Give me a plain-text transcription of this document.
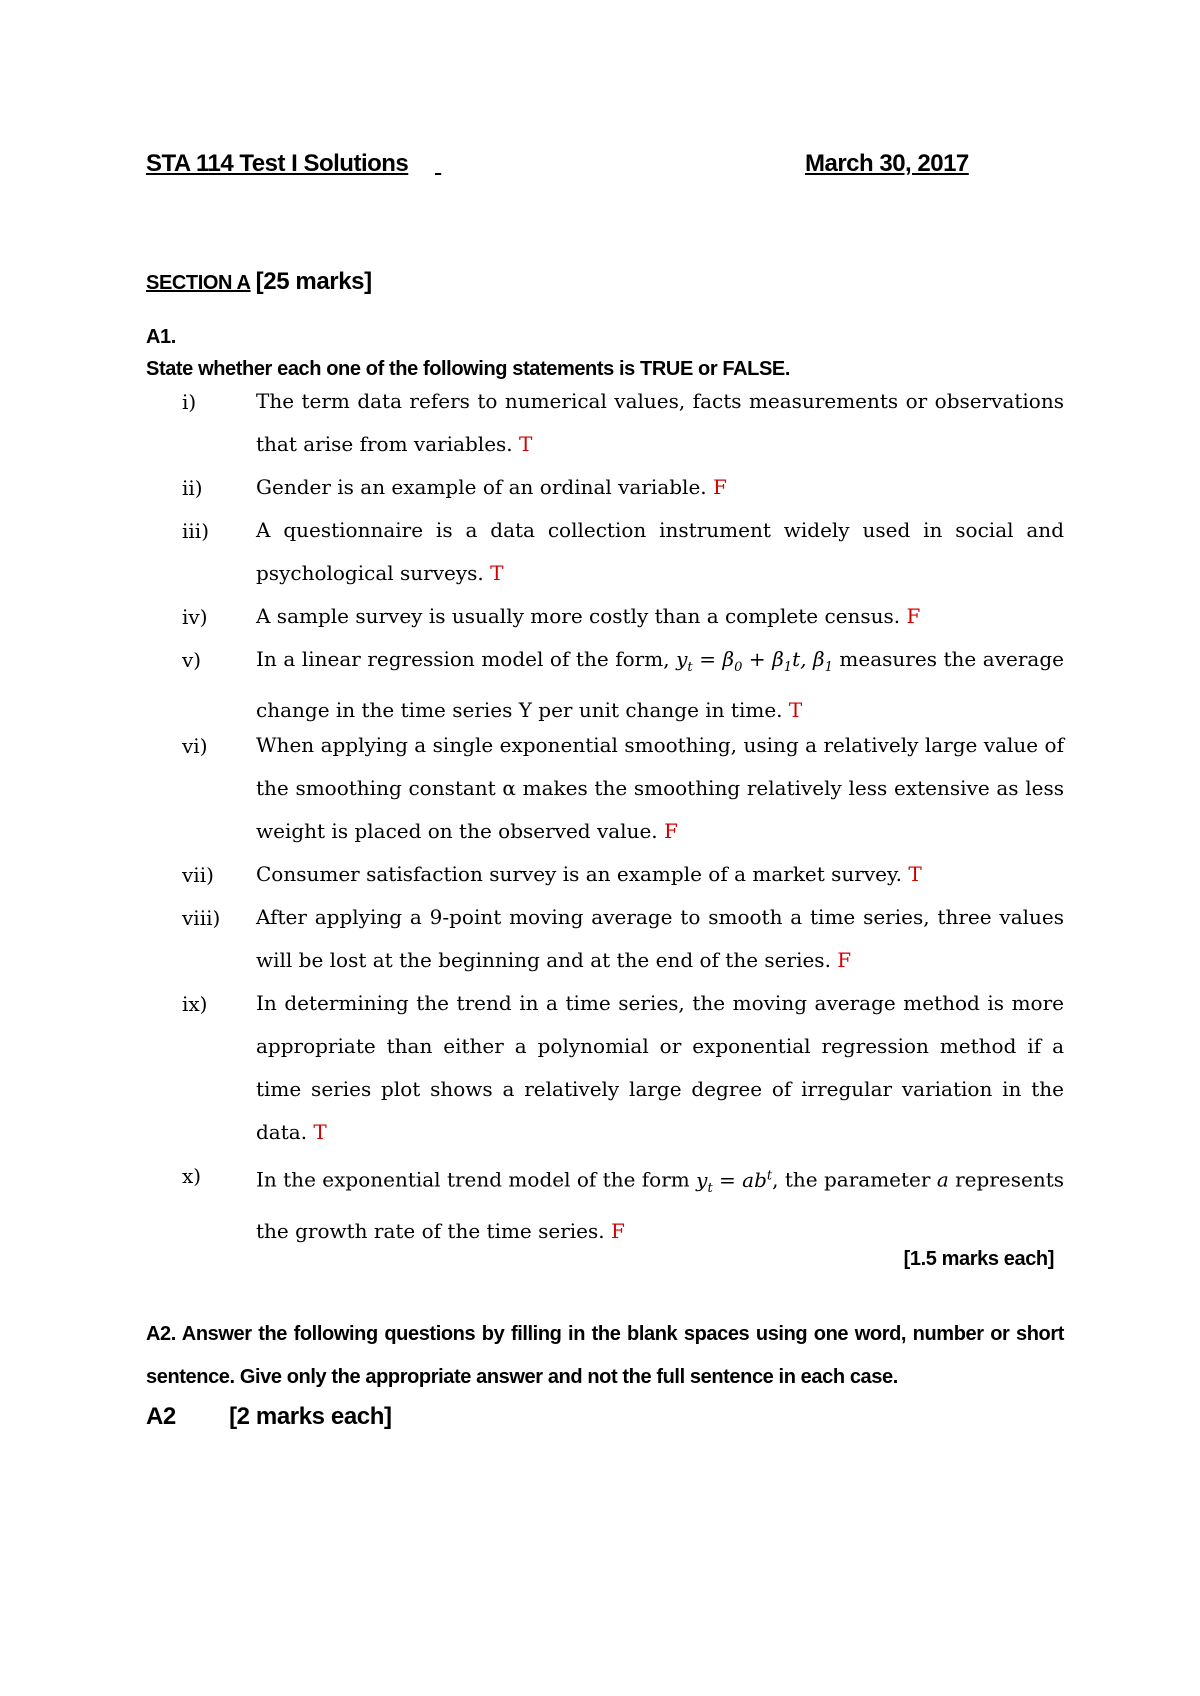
STA 114 Test I Solutions
	March 30, 2017
SECTION A [25 marks]
A1.
State whether each one of the following statements is TRUE or FALSE.
i)	The term data refers to numerical values, facts measurements or observations that arise from variables. T
ii)	Gender is an example of an ordinal variable. F
iii) A questionnaire is a data collection instrument widely used in social and psychological surveys. T
iv) A sample survey is usually more costly than a complete census. F
v)	In a linear regression model of the form, $y_t = \beta_0 + \beta_1t$, $\beta_1$ measures the average change in the time series Y per unit change in time. T
vi) When applying a single exponential smoothing, using a relatively large value of the smoothing constant α makes the smoothing relatively less extensive as less weight is placed on the observed value. F
vii) Consumer satisfaction survey is an example of a market survey. T
viii) After applying a 9-point moving average to smooth a time series, three values will be lost at the beginning and at the end of the series. F
ix) In determining the trend in a time series, the moving average method is more appropriate than either a polynomial or exponential regression method if a time series plot shows a relatively large degree of irregular variation in the data. T
x)	In the exponential trend model of the form $y_t = ab^t$, the parameter a represents the growth rate of the time series. F
[1.5 marks each]
A2. Answer the following questions by filling in the blank spaces using one word, number or short sentence. Give only the appropriate answer and not the full sentence in each case.
A2 [2 marks each]
